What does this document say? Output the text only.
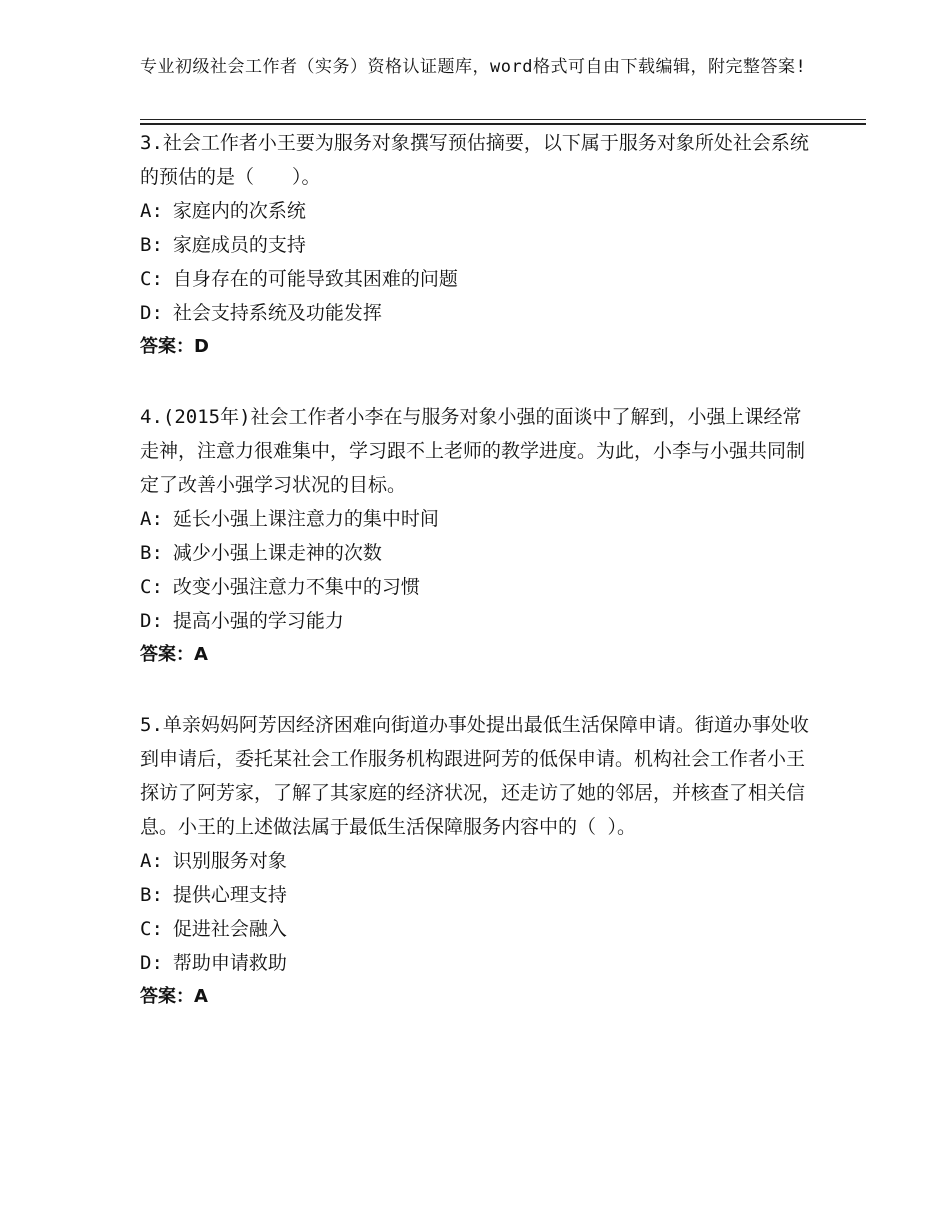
专业初级社会工作者（实务）资格认证题库，word格式可自由下载编辑，附完整答案!

3.社会工作者小王要为服务对象撰写预估摘要，以下属于服务对象所处社会系统的预估的是（　　）。

A: 家庭内的次系统

B: 家庭成员的支持

C: 自身存在的可能导致其困难的问题

D: 社会支持系统及功能发挥

答案：D

4.(2015年)社会工作者小李在与服务对象小强的面谈中了解到，小强上课经常走神，注意力很难集中，学习跟不上老师的教学进度。为此，小李与小强共同制定了改善小强学习状况的目标。

A: 延长小强上课注意力的集中时间

B: 减少小强上课走神的次数

C: 改变小强注意力不集中的习惯

D: 提高小强的学习能力

答案：A

5.单亲妈妈阿芳因经济困难向街道办事处提出最低生活保障申请。街道办事处收到申请后，委托某社会工作服务机构跟进阿芳的低保申请。机构社会工作者小王探访了阿芳家，了解了其家庭的经济状况，还走访了她的邻居，并核查了相关信息。小王的上述做法属于最低生活保障服务内容中的（ ）。

A: 识别服务对象

B: 提供心理支持

C: 促进社会融入

D: 帮助申请救助

答案：A
